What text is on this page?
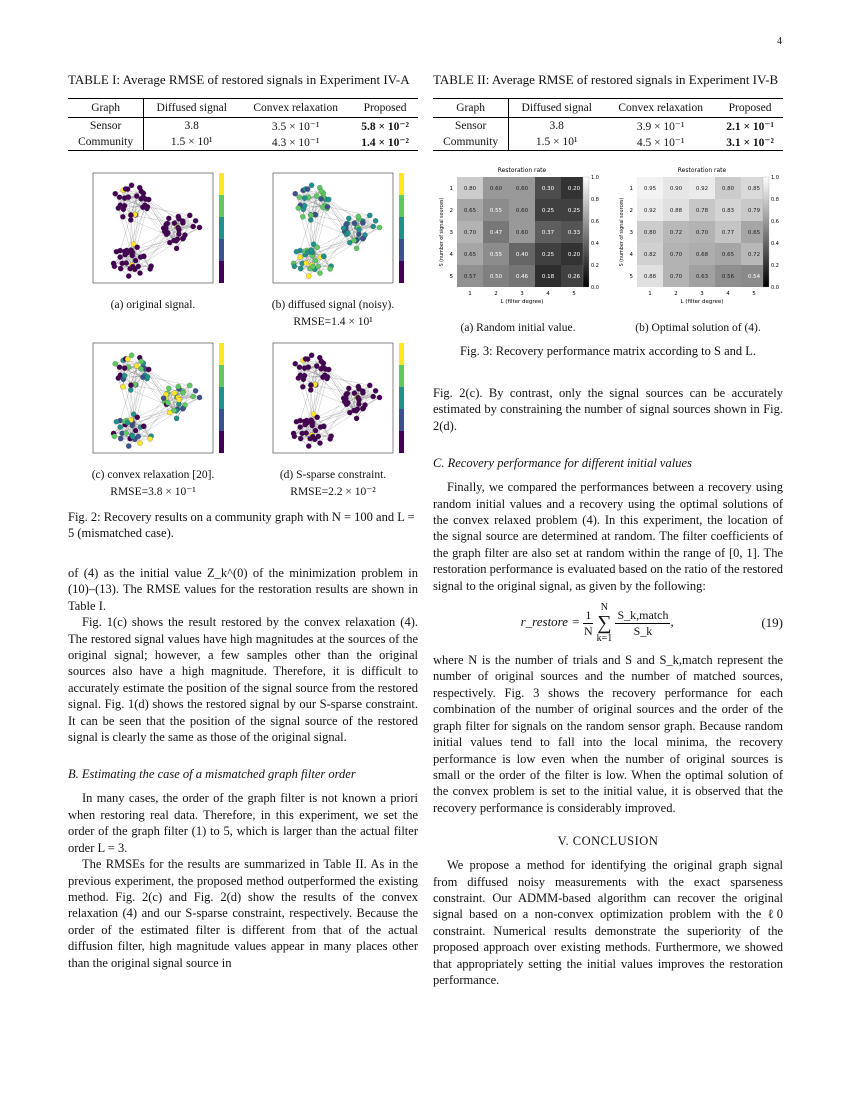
4
TABLE I: Average RMSE of restored signals in Experiment IV-A
Graph	Diffused signal	Convex relaxation	Proposed
Sensor	3.8	3.5 × 10⁻¹	5.8 × 10⁻²
Community	1.5 × 10¹	4.3 × 10⁻¹	1.4 × 10⁻²
(a) original signal.	(b) diffused signal (noisy).
RMSE=1.4 × 10¹
(c) convex relaxation [20].
RMSE=3.8 × 10⁻¹
(d) S-sparse constraint.
RMSE=2.2 × 10⁻²
Fig. 2: Recovery results on a community graph with N = 100 and L = 5 (mismatched case).

of (4) as the initial value Z_k^(0) of the minimization problem in (10)–(13). The RMSE values for the restoration results are shown in Table I.

Fig. 1(c) shows the result restored by the convex relaxation (4). The restored signal values have high magnitudes at the sources of the original signal; however, a few samples other than the original sources also have a high magnitude. Therefore, it is difficult to accurately estimate the position of the signal source from the restored signal. Fig. 1(d) shows the restored signal by our S-sparse constraint. It can be seen that the position of the signal source of the restored signal is clearly the same as those of the original signal.

B. Estimating the case of a mismatched graph filter order

In many cases, the order of the graph filter is not known a priori when restoring real data. Therefore, in this experiment, we set the order of the graph filter (1) to 5, which is larger than the actual filter order L = 3.

The RMSEs for the results are summarized in Table II. As in the previous experiment, the proposed method outperformed the existing method. Fig. 2(c) and Fig. 2(d) show the results of the convex relaxation (4) and our S-sparse constraint, respectively. Because the order of the estimated filter is different from that of the actual diffusion filter, high magnitude values appear in many places other than the original signal source in

TABLE II: Average RMSE of restored signals in Experiment IV-B
Graph	Diffused signal	Convex relaxation	Proposed
Sensor	3.8	3.9 × 10⁻¹	2.1 × 10⁻¹
Community	1.5 × 10¹	4.5 × 10⁻¹	3.1 × 10⁻²
Restoration rate
0.80	0.60	0.60	0.30	0.20
0.65	0.55	0.60	0.25	0.25
0.70	0.47	0.60	0.37	0.33
0.65	0.55	0.40	0.25	0.20
0.57	0.50	0.46	0.18	0.26
1	2	3	4	5
1
2
3
4
5
L (filter degree)
S (number of signal sources)
0.0
0.2
0.4
0.6
0.8
1.0
(a) Random initial value.
Restoration rate
0.95	0.90	0.92	0.80	0.85
0.92	0.88	0.78	0.83	0.79
0.80	0.72	0.70	0.77	0.65
0.82	0.70	0.68	0.65	0.72
0.88	0.70	0.63	0.56	0.54
1	2	3	4	5
1
2
3
4
5
L (filter degree)
S (number of signal sources)
0.0
0.2
0.4
0.6
0.8
1.0
(b) Optimal solution of (4).
Fig. 3: Recovery performance matrix according to S and L.

Fig. 2(c). By contrast, only the signal sources can be accurately estimated by constraining the number of signal sources shown in Fig. 2(d).

C. Recovery performance for different initial values

Finally, we compared the performances between a recovery using random initial values and a recovery using the optimal solutions of the convex relaxed problem (4). In this experiment, the location of the signal source are determined at random. The filter coefficients of the graph filter are also set at random within the range of [0, 1]. The restoration performance is evaluated based on the ratio of the restored signal to the original signal, as given by the following:

r_restore = $\frac{1}{N}$
N
∑
k=1
$\frac{\text{S\_k,match}}{S\_k}$ ,	(19)

where N is the number of trials and S and S_k,match represent the number of original sources and the number of matched sources, respectively. Fig. 3 shows the recovery performance for each combination of the number of original sources and the order of the graph filter for signals on the random sensor graph. Because random initial values tend to fall into the local minima, the recovery performance is low even when the number of original sources is small or the order of the filter is low. When the optimal solution of the convex problem is set to the initial value, it is observed that the recovery performance is considerably improved.

V. CONCLUSION

We propose a method for identifying the original graph signal from diffused noisy measurements with the exact sparseness constraint. Our ADMM-based algorithm can recover the original signal based on a non-convex optimization problem with the ℓ0 constraint. Numerical results demonstrate the superiority of the proposed approach over existing methods. Furthermore, we showed that appropriately setting the initial values improves the restoration performance.
